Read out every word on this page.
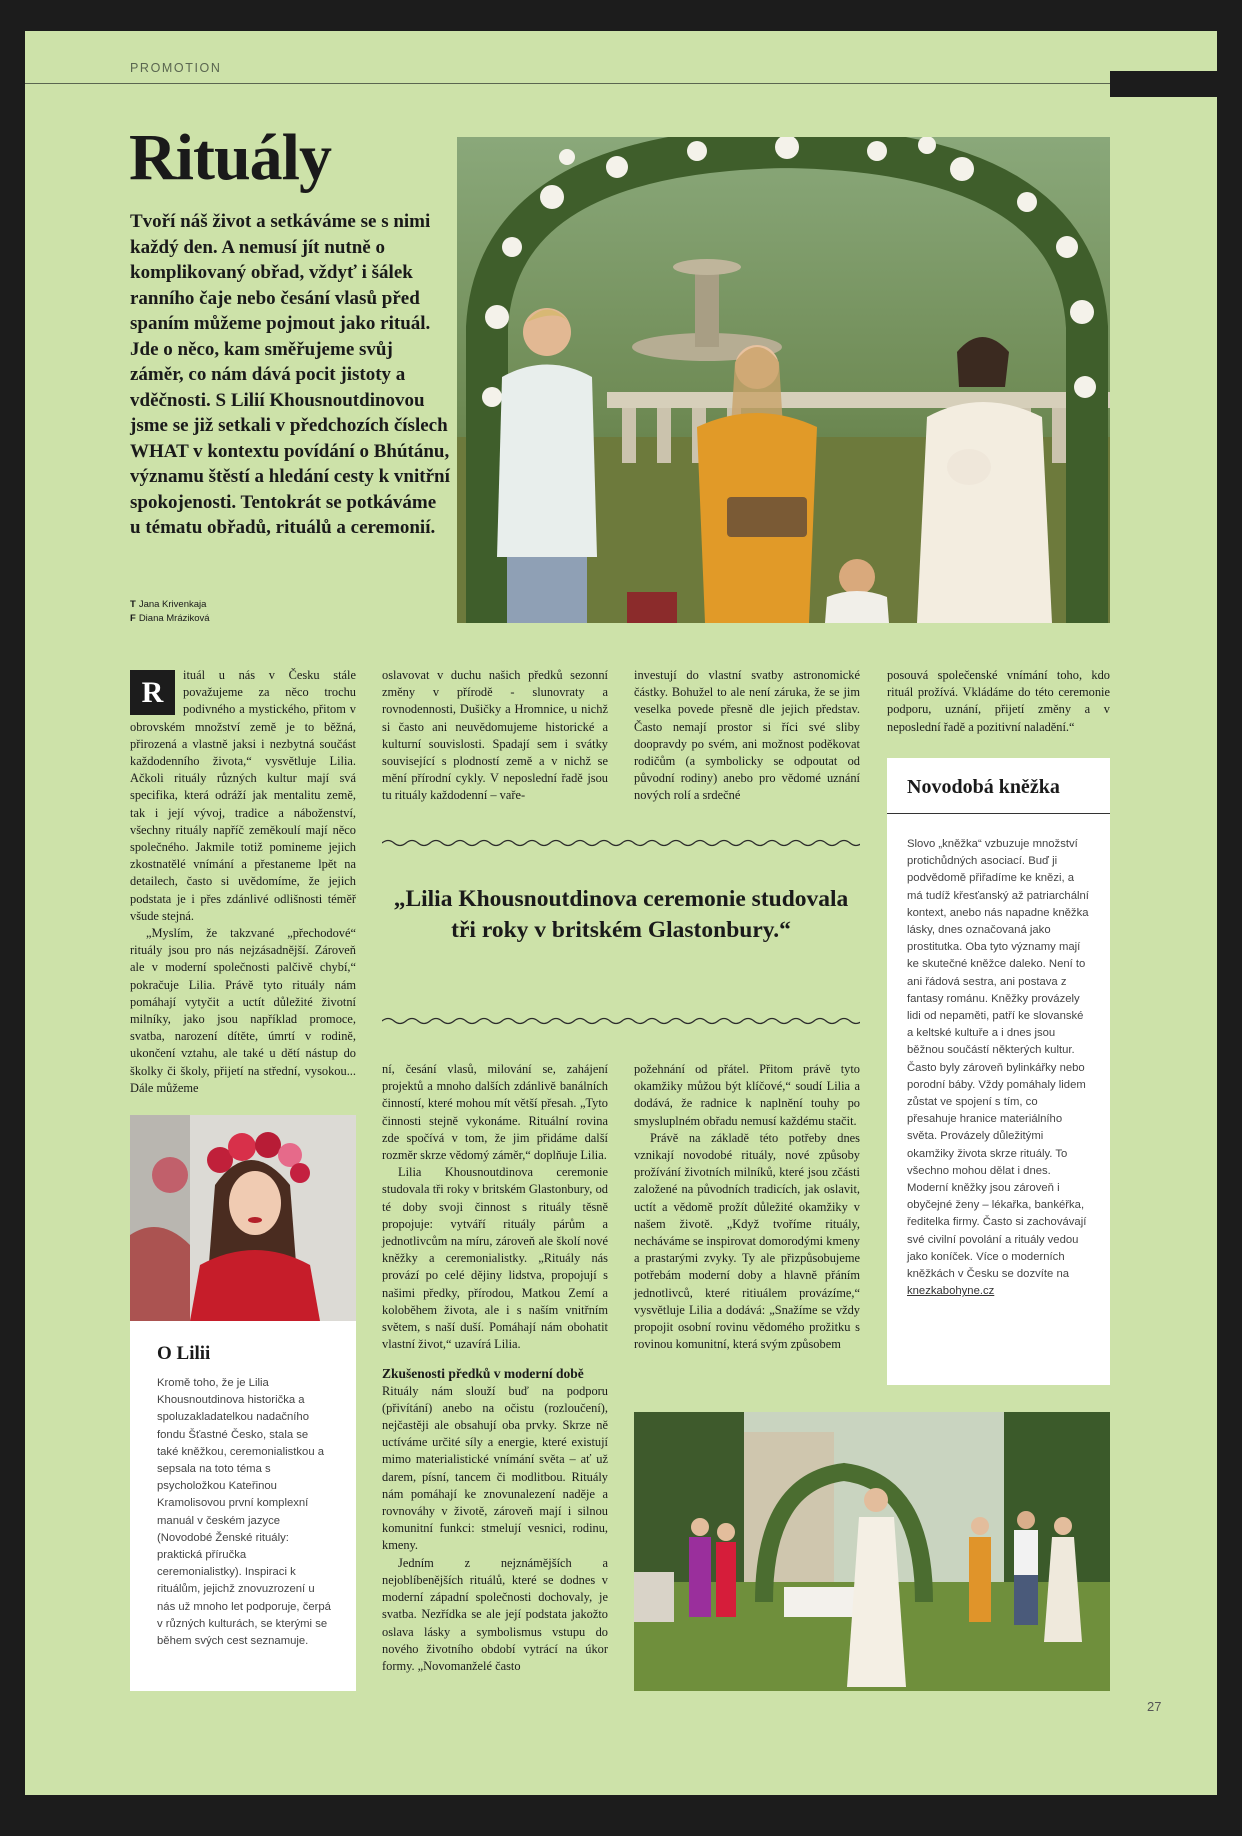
PROMOTION
Rituály
Tvoří náš život a setkáváme se s nimi každý den. A nemusí jít nutně o komplikovaný obřad, vždyť i šálek ranního čaje nebo česání vlasů před spaním můžeme pojmout jako rituál. Jde o něco, kam směřujeme svůj záměr, co nám dává pocit jistoty a vděčnosti. S Lilií Khousnoutdinovou jsme se již setkali v předchozích číslech WHAT v kontextu povídání o Bhútánu, významu štěstí a hledání cesty k vnitřní spokojenosti. Tentokrát se potkáváme u tématu obřadů, rituálů a ceremonií.
T Jana Krivenkaja
F Diana Mráziková

R
ituál u nás v Česku stále považujeme za něco trochu podivného a mystického, přitom v obrovském množství země je to běžná, přirozená a vlastně jaksi i nezbytná součást každodenního života,“ vysvětluje Lilia. Ačkoli rituály různých kultur mají svá specifika, která odráží jak mentalitu země, tak i její vývoj, tradice a náboženství, všechny rituály napříč zeměkoulí mají něco společného. Jakmile totiž pomineme jejich zkostnatělé vnímání a přestaneme lpět na detailech, často si uvědomíme, že jejich podstata je i přes zdánlivé odlišnosti téměř všude stejná.

„Myslím, že takzvané „přechodové“ rituály jsou pro nás nejzásadnější. Zároveň ale v moderní společnosti palčivě chybí,“ pokračuje Lilia. Právě tyto rituály nám pomáhají vytyčit a uctít důležité životní milníky, jako jsou například promoce, svatba, narození dítěte, úmrtí v rodině, ukončení vztahu, ale také u dětí nástup do školky či školy, přijetí na střední, vysokou... Dále můžeme

oslavovat v duchu našich předků sezonní změny v přírodě - slunovraty a rovnodennosti, Dušičky a Hromnice, u nichž si často ani neuvědomujeme historické a kulturní souvislosti. Spadají sem i svátky související s plodností země a v nichž se mění přírodní cykly. V neposlední řadě jsou tu rituály každodenní – vaře-

investují do vlastní svatby astronomické částky. Bohužel to ale není záruka, že se jim veselka povede přesně dle jejich představ. Často nemají prostor si říci své sliby doopravdy po svém, ani možnost poděkovat rodičům (a symbolicky se odpoutat od původní rodiny) anebo pro vědomé uznání nových rolí a srdečné

posouvá společenské vnímání toho, kdo rituál prožívá. Vkládáme do této ceremonie podporu, uznání, přijetí změny a v neposlední řadě a pozitivní naladění.“

„Lilia Khousnoutdinova ceremonie studovala tři roky v britském Glastonbury.“

ní, česání vlasů, milování se, zahájení projektů a mnoho dalších zdánlivě banálních činností, které mohou mít větší přesah. „Tyto činnosti stejně vykonáme. Rituální rovina zde spočívá v tom, že jim přidáme další rozměr skrze vědomý záměr,“ doplňuje Lilia.

Lilia Khousnoutdinova ceremonie studovala tři roky v britském Glastonbury, od té doby svoji činnost s rituály těsně propojuje: vytváří rituály párům a jednotlivcům na míru, zároveň ale školí nové kněžky a ceremonialistky. „Rituály nás provází po celé dějiny lidstva, propojují s našimi předky, přírodou, Matkou Zemí a koloběhem života, ale i s naším vnitřním světem, s naší duší. Pomáhají nám obohatit vlastní život,“ uzavírá Lilia.

Zkušenosti předků v moderní době

Rituály nám slouží buď na podporu (přivítání) anebo na očistu (rozloučení), nejčastěji ale obsahují oba prvky. Skrze ně uctíváme určité síly a energie, které existují mimo materialistické vnímání světa – ať už darem, písní, tancem či modlitbou. Rituály nám pomáhají ke znovunalezení naděje a rovnováhy v životě, zároveň mají i silnou komunitní funkci: stmelují vesnici, rodinu, kmeny.

Jedním z nejznámějších a nejoblíbenějších rituálů, které se dodnes v moderní západní společnosti dochovaly, je svatba. Nezřídka se ale její podstata jakožto oslava lásky a symbolismus vstupu do nového životního období vytrácí na úkor formy. „Novomanželé často

požehnání od přátel. Přitom právě tyto okamžiky můžou být klíčové,“ soudí Lilia a dodává, že radnice k naplnění touhy po smysluplném obřadu nemusí každému stačit.

Právě na základě této potřeby dnes vznikají novodobé rituály, nové způsoby prožívání životních milníků, které jsou zčásti založené na původních tradicích, jak oslavit, uctít a vědomě prožít důležité okamžiky v našem životě. „Když tvoříme rituály, necháváme se inspirovat domorodými kmeny a prastarými zvyky. Ty ale přizpůsobujeme potřebám moderní doby a hlavně přáním jednotlivců, které ritiuálem provázíme,“ vysvětluje Lilia a dodává: „Snažíme se vždy propojit osobní rovinu vědomého prožitku s rovinou komunitní, která svým způsobem

Novodobá kněžka
Slovo „kněžka“ vzbuzuje množství protichůdných asociací. Buď ji podvědomě přiřadíme ke knězi, a má tudíž křesťanský až patriarchální kontext, anebo nás napadne kněžka lásky, dnes označovaná jako prostitutka. Oba tyto významy mají ke skutečné kněžce daleko. Není to ani řádová sestra, ani postava z fantasy románu. Kněžky provázely lidi od nepaměti, patří ke slovanské a keltské kultuře a i dnes jsou běžnou součástí některých kultur. Často byly zároveň bylinkářky nebo porodní báby. Vždy pomáhaly lidem zůstat ve spojení s tím, co přesahuje hranice materiálního světa. Provázely důležitými okamžiky života skrze rituály. To všechno mohou dělat i dnes. Moderní kněžky jsou zároveň i obyčejné ženy – lékařka, bankéřka, ředitelka firmy. Často si zachovávají své civilní povolání a rituály vedou jako koníček. Více o moderních kněžkách v Česku se dozvíte na knezkabohyne.cz
O Lilii
Kromě toho, že je Lilia Khousnoutdinova historička a spoluzakladatelkou nadačního fondu Šťastné Česko, stala se také kněžkou, ceremonialistkou a sepsala na toto téma s psycholožkou Kateřinou Kramolisovou první komplexní manuál v českém jazyce (Novodobé Ženské rituály: praktická příručka ceremonialistky). Inspiraci k rituálům, jejichž znovuzrození u nás už mnoho let podporuje, čerpá v různých kulturách, se kterými se během svých cest seznamuje.
27
